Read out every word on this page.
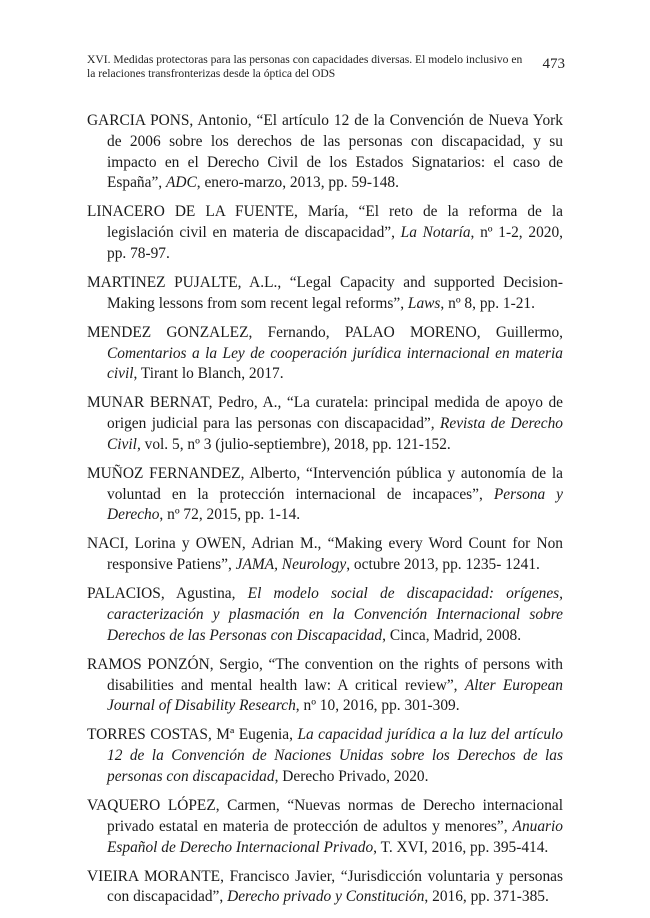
XVI. Medidas protectoras para las personas con capacidades diversas. El modelo inclusivo en la relaciones transfronterizas desde la óptica del ODS
473
GARCIA PONS, Antonio, “El artículo 12 de la Convención de Nueva York de 2006 sobre los derechos de las personas con discapacidad, y su impacto en el Derecho Civil de los Estados Signatarios: el caso de España”, ADC, enero-marzo, 2013, pp. 59-148.
LINACERO DE LA FUENTE, María, “El reto de la reforma de la legislación civil en materia de discapacidad”, La Notaría, nº 1-2, 2020, pp. 78-97.
MARTINEZ PUJALTE, A.L., “Legal Capacity and supported Decision-Making lessons from som recent legal reforms”, Laws, nº 8, pp. 1-21.
MENDEZ GONZALEZ, Fernando, PALAO MORENO, Guillermo, Comentarios a la Ley de cooperación jurídica internacional en materia civil, Tirant lo Blanch, 2017.
MUNAR BERNAT, Pedro, A., “La curatela: principal medida de apoyo de origen judicial para las personas con discapacidad”, Revista de Derecho Civil, vol. 5, nº 3 (julio-septiembre), 2018, pp. 121-152.
MUÑOZ FERNANDEZ, Alberto, “Intervención pública y autonomía de la voluntad en la protección internacional de incapaces”, Persona y Derecho, nº 72, 2015, pp. 1-14.
NACI, Lorina y OWEN, Adrian M., “Making every Word Count for Non responsive Patiens”, JAMA, Neurology, octubre 2013, pp. 1235- 1241.
PALACIOS, Agustina, El modelo social de discapacidad: orígenes, caracterización y plasmación en la Convención Internacional sobre Derechos de las Personas con Discapacidad, Cinca, Madrid, 2008.
RAMOS PONZÓN, Sergio, “The convention on the rights of persons with disabilities and mental health law: A critical review”, Alter European Journal of Disability Research, nº 10, 2016, pp. 301-309.
TORRES COSTAS, Mª Eugenia, La capacidad jurídica a la luz del artículo 12 de la Convención de Naciones Unidas sobre los Derechos de las personas con discapacidad, Derecho Privado, 2020.
VAQUERO LÓPEZ, Carmen, “Nuevas normas de Derecho internacional privado estatal en materia de protección de adultos y menores”, Anuario Español de Derecho Internacional Privado, T. XVI, 2016, pp. 395-414.
VIEIRA MORANTE, Francisco Javier, “Jurisdicción voluntaria y personas con discapacidad”, Derecho privado y Constitución, 2016, pp. 371-385.
